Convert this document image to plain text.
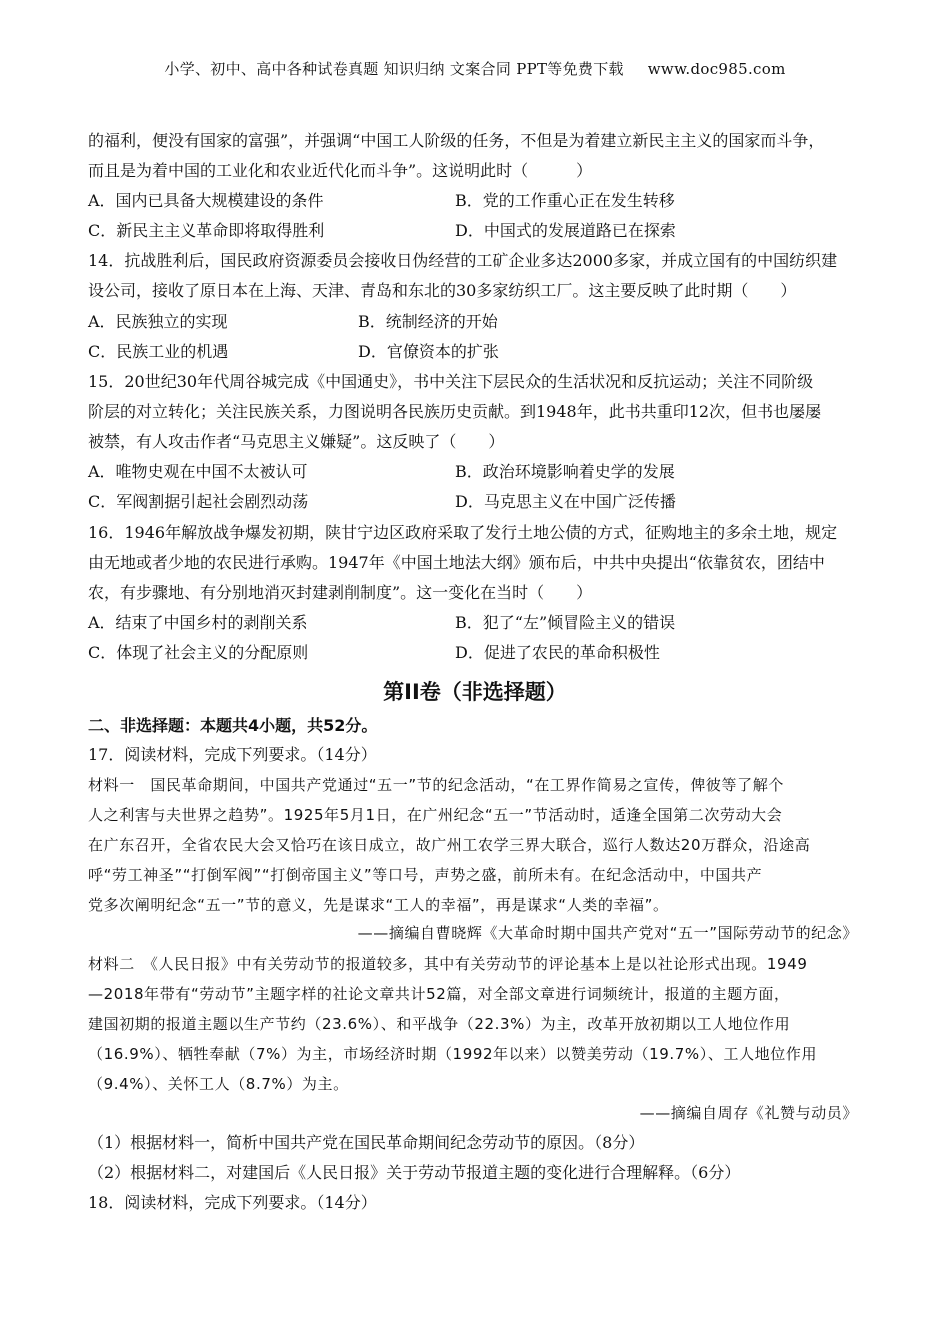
小学、初中、高中各种试卷真题 知识归纳 文案合同 PPT等免费下载 www.doc985.com
的福利，便没有国家的富强”，并强调“中国工人阶级的任务，不但是为着建立新民主主义的国家而斗争，
而且是为着中国的工业化和农业近代化而斗争”。这说明此时（　　　）
A．国内已具备大规模建设的条件	B．党的工作重心正在发生转移
C．新民主主义革命即将取得胜利	D．中国式的发展道路已在探索
14．抗战胜利后，国民政府资源委员会接收日伪经营的工矿企业多达2000多家，并成立国有的中国纺织建
设公司，接收了原日本在上海、天津、青岛和东北的30多家纺织工厂。这主要反映了此时期（　　）
A．民族独立的实现	B．统制经济的开始
C．民族工业的机遇	D．官僚资本的扩张
15．20世纪30年代周谷城完成《中国通史》，书中关注下层民众的生活状况和反抗运动；关注不同阶级
阶层的对立转化；关注民族关系，力图说明各民族历史贡献。到1948年，此书共重印12次，但书也屡屡
被禁，有人攻击作者“马克思主义嫌疑”。这反映了（　　）
A．唯物史观在中国不太被认可	B．政治环境影响着史学的发展
C．军阀割据引起社会剧烈动荡	D．马克思主义在中国广泛传播
16．1946年解放战争爆发初期，陕甘宁边区政府采取了发行土地公债的方式，征购地主的多余土地，规定
由无地或者少地的农民进行承购。1947年《中国土地法大纲》颁布后，中共中央提出“依靠贫农，团结中
农，有步骤地、有分别地消灭封建剥削制度”。这一变化在当时（　　）
A．结束了中国乡村的剥削关系	B．犯了“左”倾冒险主义的错误
C．体现了社会主义的分配原则	D．促进了农民的革命积极性
第II卷（非选择题）
二、非选择题：本题共4小题，共52分。
17．阅读材料，完成下列要求。（14分）
材料一　国民革命期间，中国共产党通过“五一”节的纪念活动，“在工界作简易之宣传，俾彼等了解个
人之利害与夫世界之趋势”。1925年5月1日，在广州纪念“五一”节活动时，适逢全国第二次劳动大会
在广东召开，全省农民大会又恰巧在该日成立，故广州工农学三界大联合，巡行人数达20万群众，沿途高
呼“劳工神圣”“打倒军阀”“打倒帝国主义”等口号，声势之盛，前所未有。在纪念活动中，中国共产
党多次阐明纪念“五一”节的意义，先是谋求“工人的幸福”，再是谋求“人类的幸福”。
——摘编自曹晓辉《大革命时期中国共产党对“五一”国际劳动节的纪念》
材料二　《人民日报》中有关劳动节的报道较多，其中有关劳动节的评论基本上是以社论形式出现。1949
—2018年带有“劳动节”主题字样的社论文章共计52篇，对全部文章进行词频统计，报道的主题方面，
建国初期的报道主题以生产节约（23.6%）、和平战争（22.3%）为主，改革开放初期以工人地位作用
（16.9%）、牺牲奉献（7%）为主，市场经济时期（1992年以来）以赞美劳动（19.7%）、工人地位作用
（9.4%）、关怀工人（8.7%）为主。
——摘编自周存《礼赞与动员》
（1）根据材料一，简析中国共产党在国民革命期间纪念劳动节的原因。（8分）
（2）根据材料二，对建国后《人民日报》关于劳动节报道主题的变化进行合理解释。（6分）
18．阅读材料，完成下列要求。（14分）
